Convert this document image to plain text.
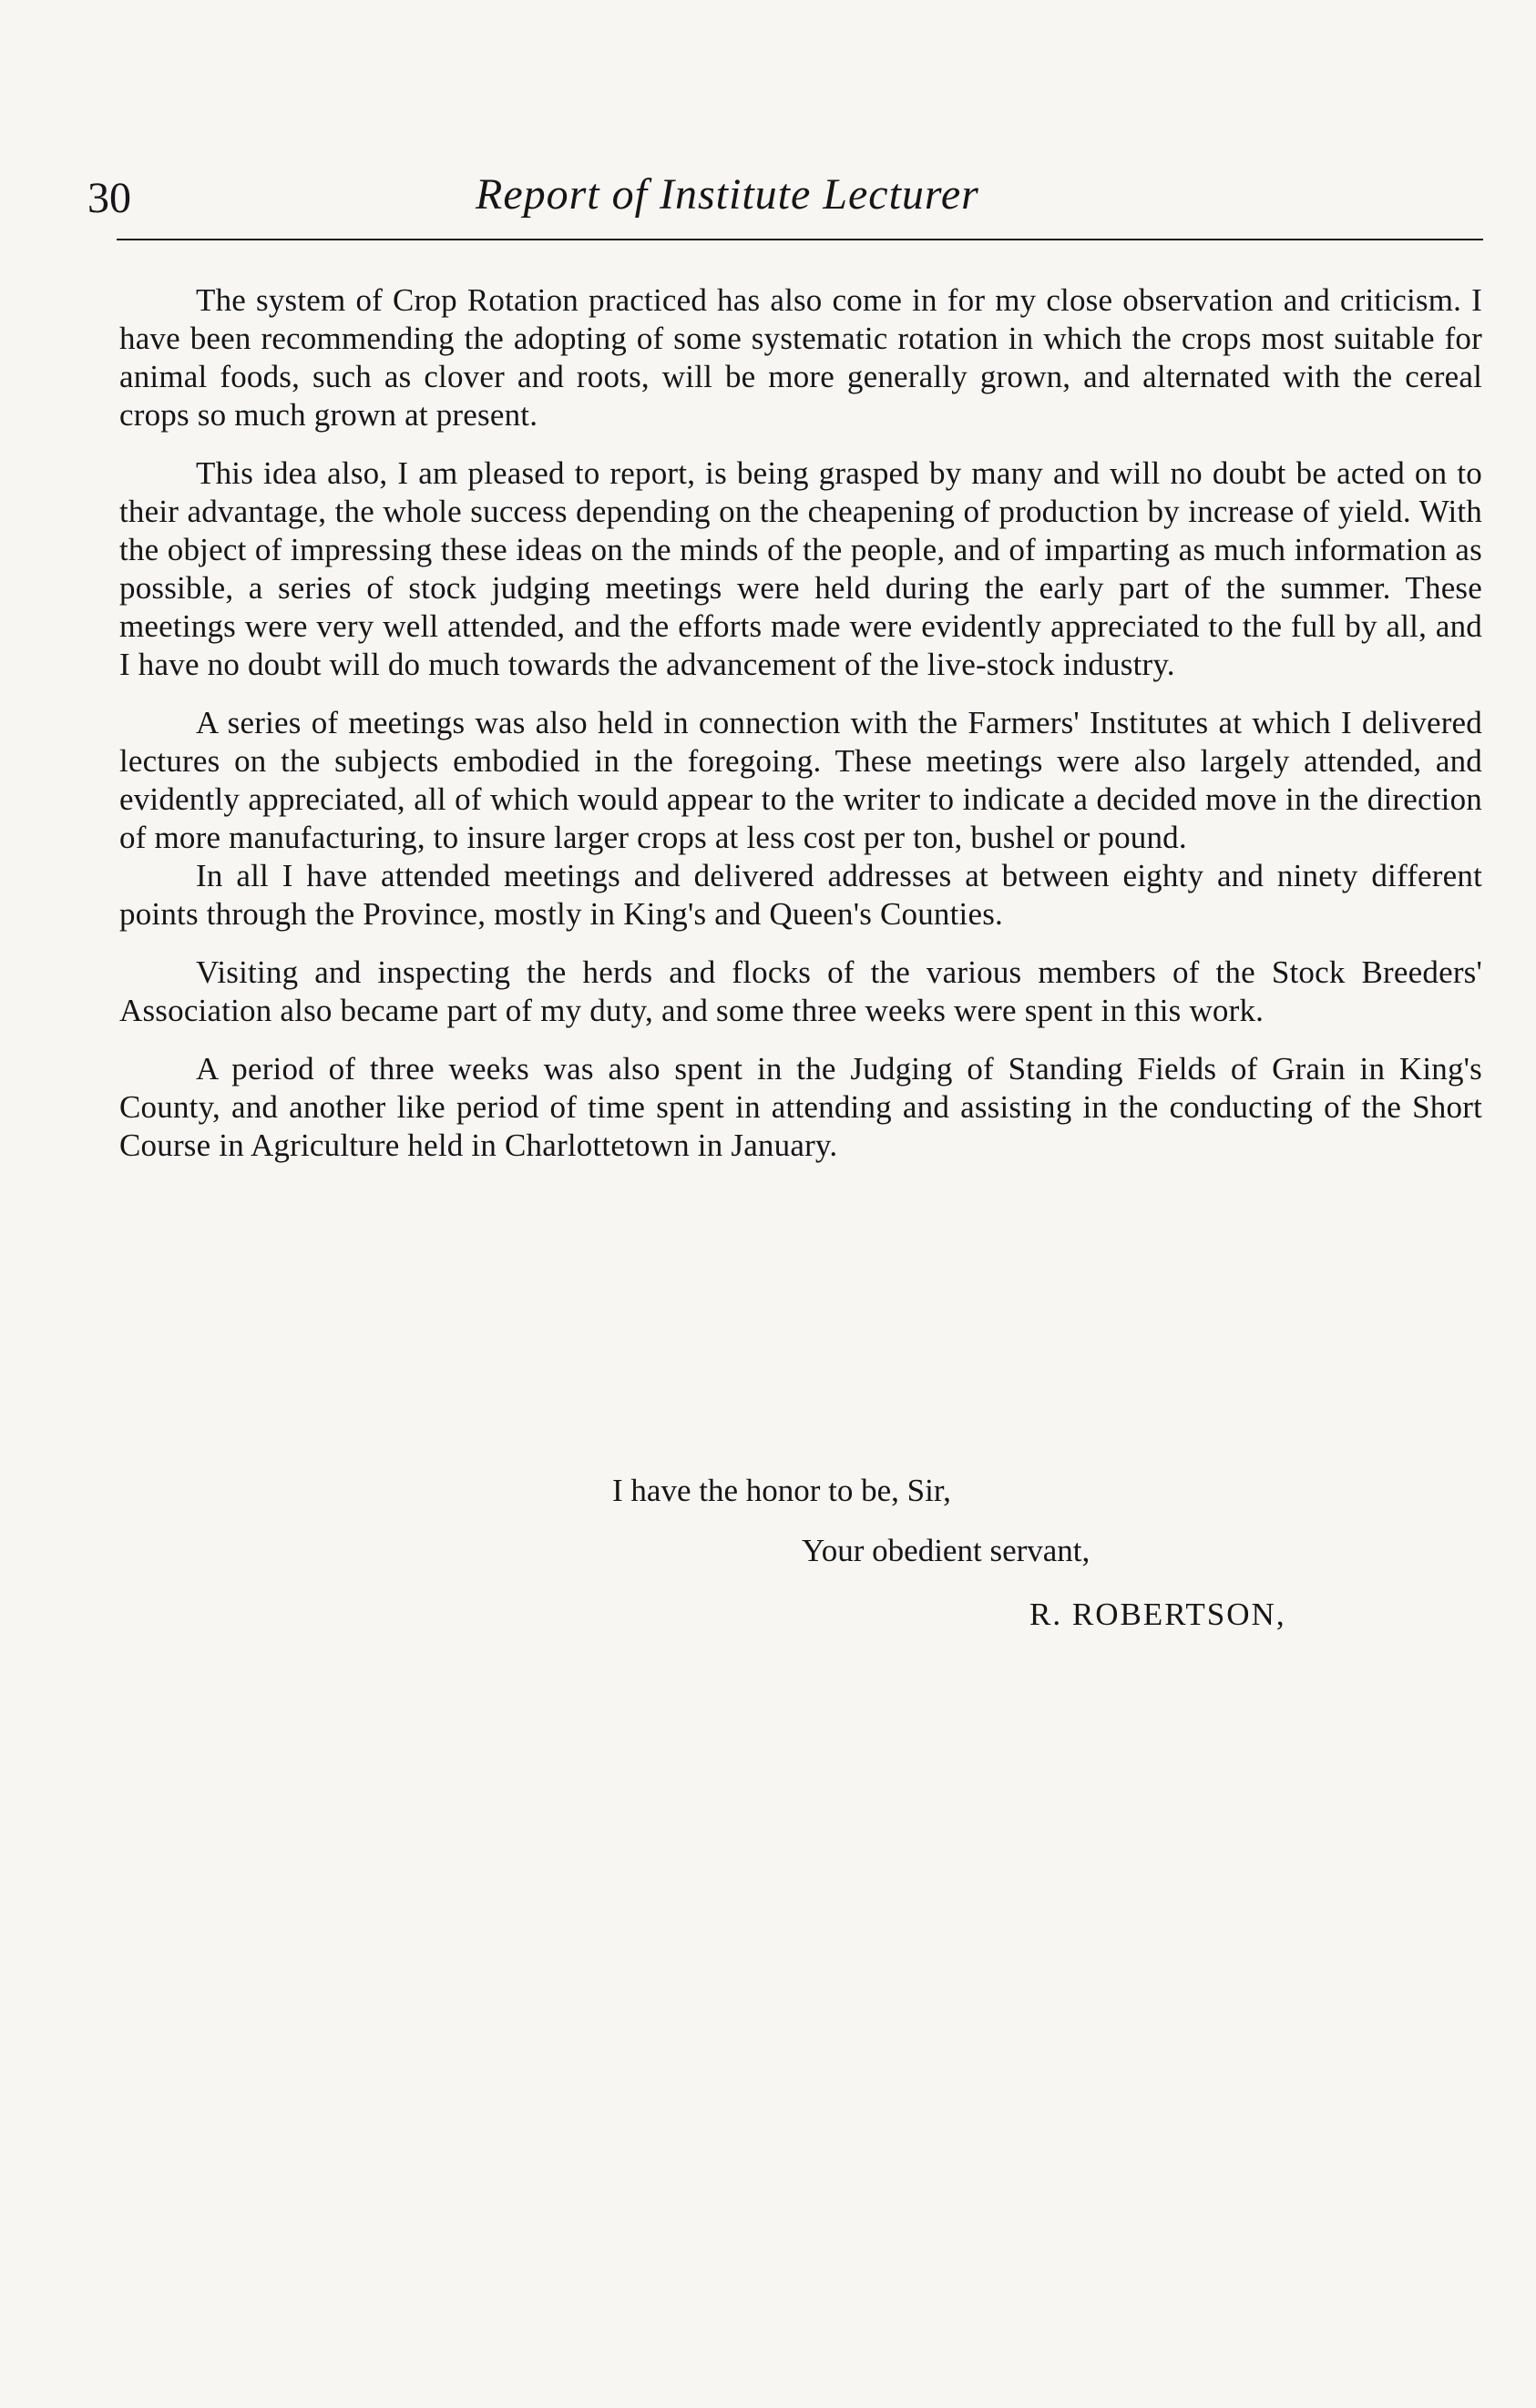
30	Report of Institute Lecturer

The system of Crop Rotation practiced has also come in for my close observation and criticism. I have been recommending the adopting of some systematic rotation in which the crops most suitable for animal foods, such as clover and roots, will be more generally grown, and alternated with the cereal crops so much grown at present.

This idea also, I am pleased to report, is being grasped by many and will no doubt be acted on to their advantage, the whole success depending on the cheapening of production by increase of yield. With the object of impressing these ideas on the minds of the people, and of imparting as much information as possible, a series of stock judging meetings were held during the early part of the summer. These meetings were very well attended, and the efforts made were evidently appreciated to the full by all, and I have no doubt will do much towards the advancement of the live-stock industry.

A series of meetings was also held in connection with the Farmers' Institutes at which I delivered lectures on the subjects embodied in the foregoing. These meetings were also largely attended, and evidently appreciated, all of which would appear to the writer to indicate a decided move in the direction of more manufacturing, to insure larger crops at less cost per ton, bushel or pound.

In all I have attended meetings and delivered addresses at between eighty and ninety different points through the Province, mostly in King's and Queen's Counties.

Visiting and inspecting the herds and flocks of the various members of the Stock Breeders' Association also became part of my duty, and some three weeks were spent in this work.

A period of three weeks was also spent in the Judging of Standing Fields of Grain in King's County, and another like period of time spent in attending and assisting in the conducting of the Short Course in Agriculture held in Charlottetown in January.

I have the honor to be, Sir,
Your obedient servant,
R. ROBERTSON,
